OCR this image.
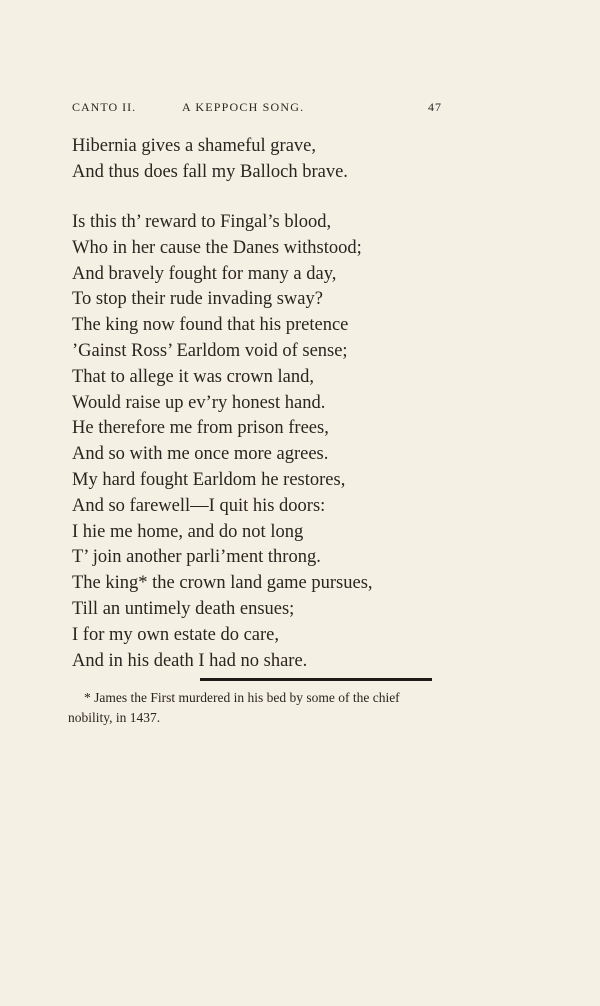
CANTO II.	A KEPPOCH SONG.	47
Hibernia gives a shameful grave,
And thus does fall my Balloch brave.
Is this th’ reward to Fingal’s blood,
Who in her cause the Danes withstood;
And bravely fought for many a day,
To stop their rude invading sway?
The king now found that his pretence
’Gainst Ross’ Earldom void of sense;
That to allege it was crown land,
Would raise up ev’ry honest hand.
He therefore me from prison frees,
And so with me once more agrees.
My hard fought Earldom he restores,
And so farewell—I quit his doors:
I hie me home, and do not long
T’ join another parli’ment throng.
The king* the crown land game pursues,
Till an untimely death ensues;
I for my own estate do care,
And in his death I had no share.
* James the First murdered in his bed by some of the chief
nobility, in 1437.
